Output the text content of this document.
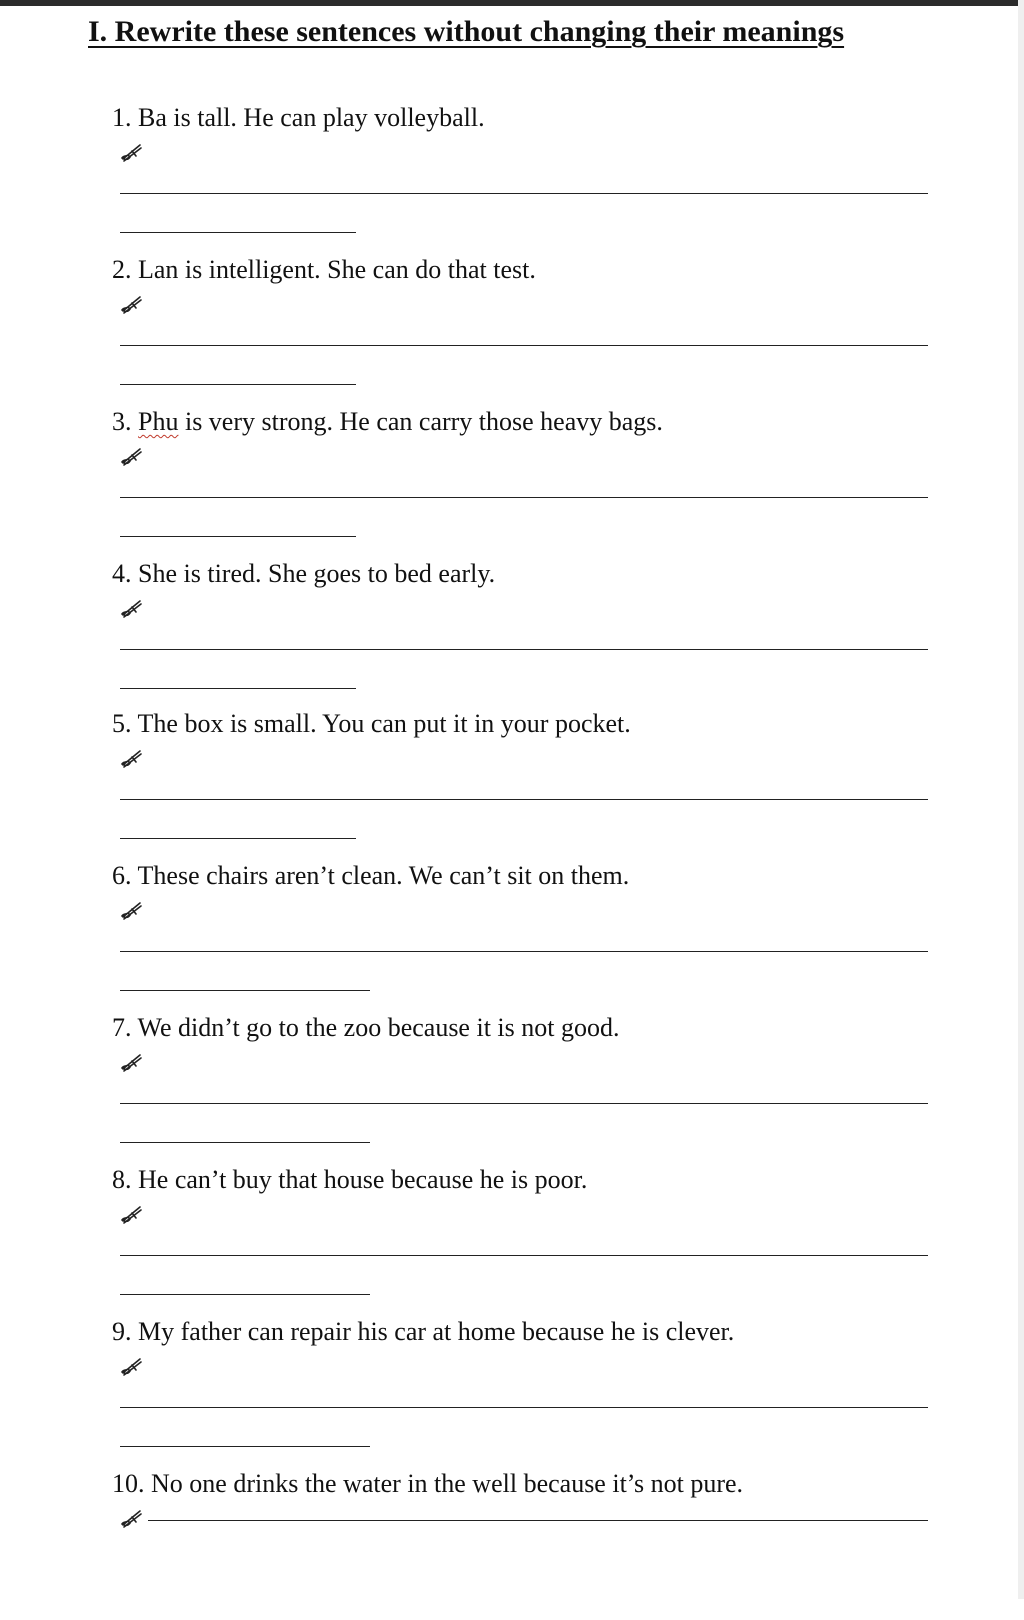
I. Rewrite these sentences without changing their meanings
1. Ba is tall. He can play volleyball.
2. Lan is intelligent. She can do that test.
3. Phu is very strong. He can carry those heavy bags.
4. She is tired. She goes to bed early.
5. The box is small. You can put it in your pocket.
6. These chairs aren’t clean. We can’t sit on them.
7. We didn’t go to the zoo because it is not good.
8. He can’t buy that house because he is poor.
9. My father can repair his car at home because he is clever.
10. No one drinks the water in the well because it’s not pure.
